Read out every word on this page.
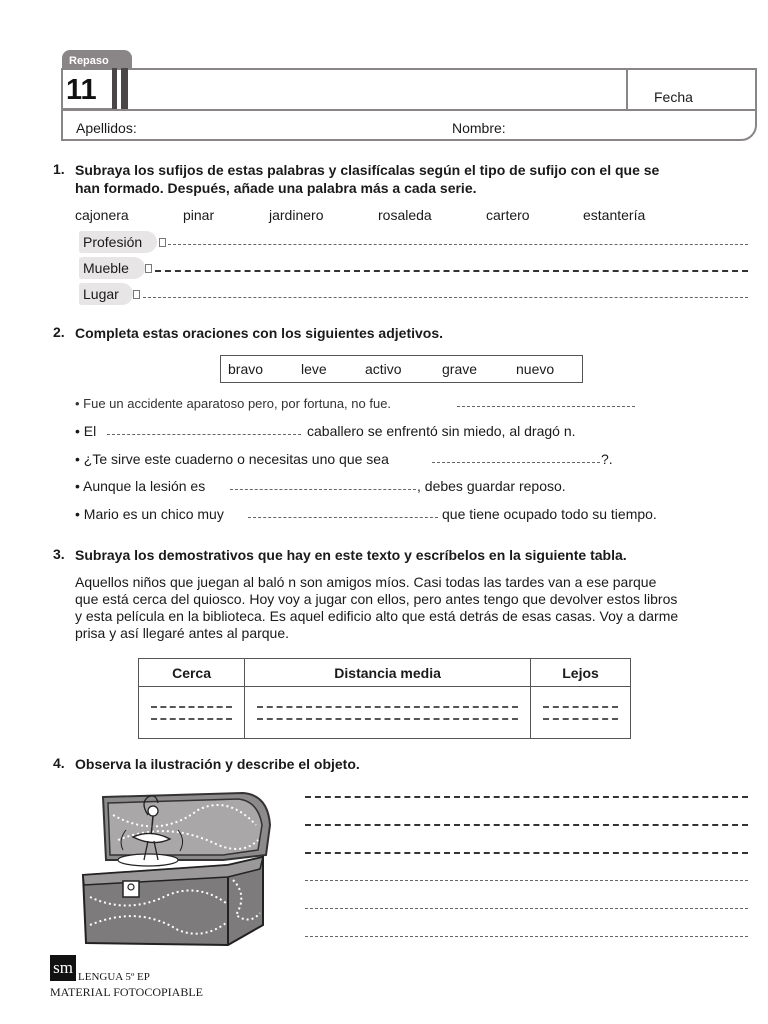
Repaso
11	Fecha
Apellidos:	Nombre:
1. Subraya los sufijos de estas palabras y clasifícalas según el tipo de sufijo con el que se
han formado. Después, añade una palabra más a cada serie.
cajonera	pinar	jardinero	rosaleda	cartero	estantería
Profesión
Mueble
Lugar
2. Completa estas oraciones con los siguientes adjetivos.
bravo	leve	activo	grave	nuevo
• Fue un accidente aparatoso pero, por fortuna, no fue.
• El	caballero se enfrentó sin miedo, al dragó n.
• ¿Te sirve este cuaderno o necesitas uno que sea	?.
• Aunque la lesión es	, debes guardar reposo.
• Mario es un chico muy	que tiene ocupado todo su tiempo.
3. Subraya los demostrativos que hay en este texto y escríbelos en la siguiente tabla.
Aquellos niños que juegan al baló n son amigos míos. Casi todas las tardes van a ese parque
que está cerca del quiosco. Hoy voy a jugar con ellos, pero antes tengo que devolver estos libros
y esta película en la biblioteca. Es aquel edificio alto que está detrás de esas casas. Voy a darme
prisa y así llegaré antes al parque.
Cerca	Distancia media	Lejos

4. Observa la ilustración y describe el objeto.
sm LENGUA 5º EP
MATERIAL FOTOCOPIABLE
